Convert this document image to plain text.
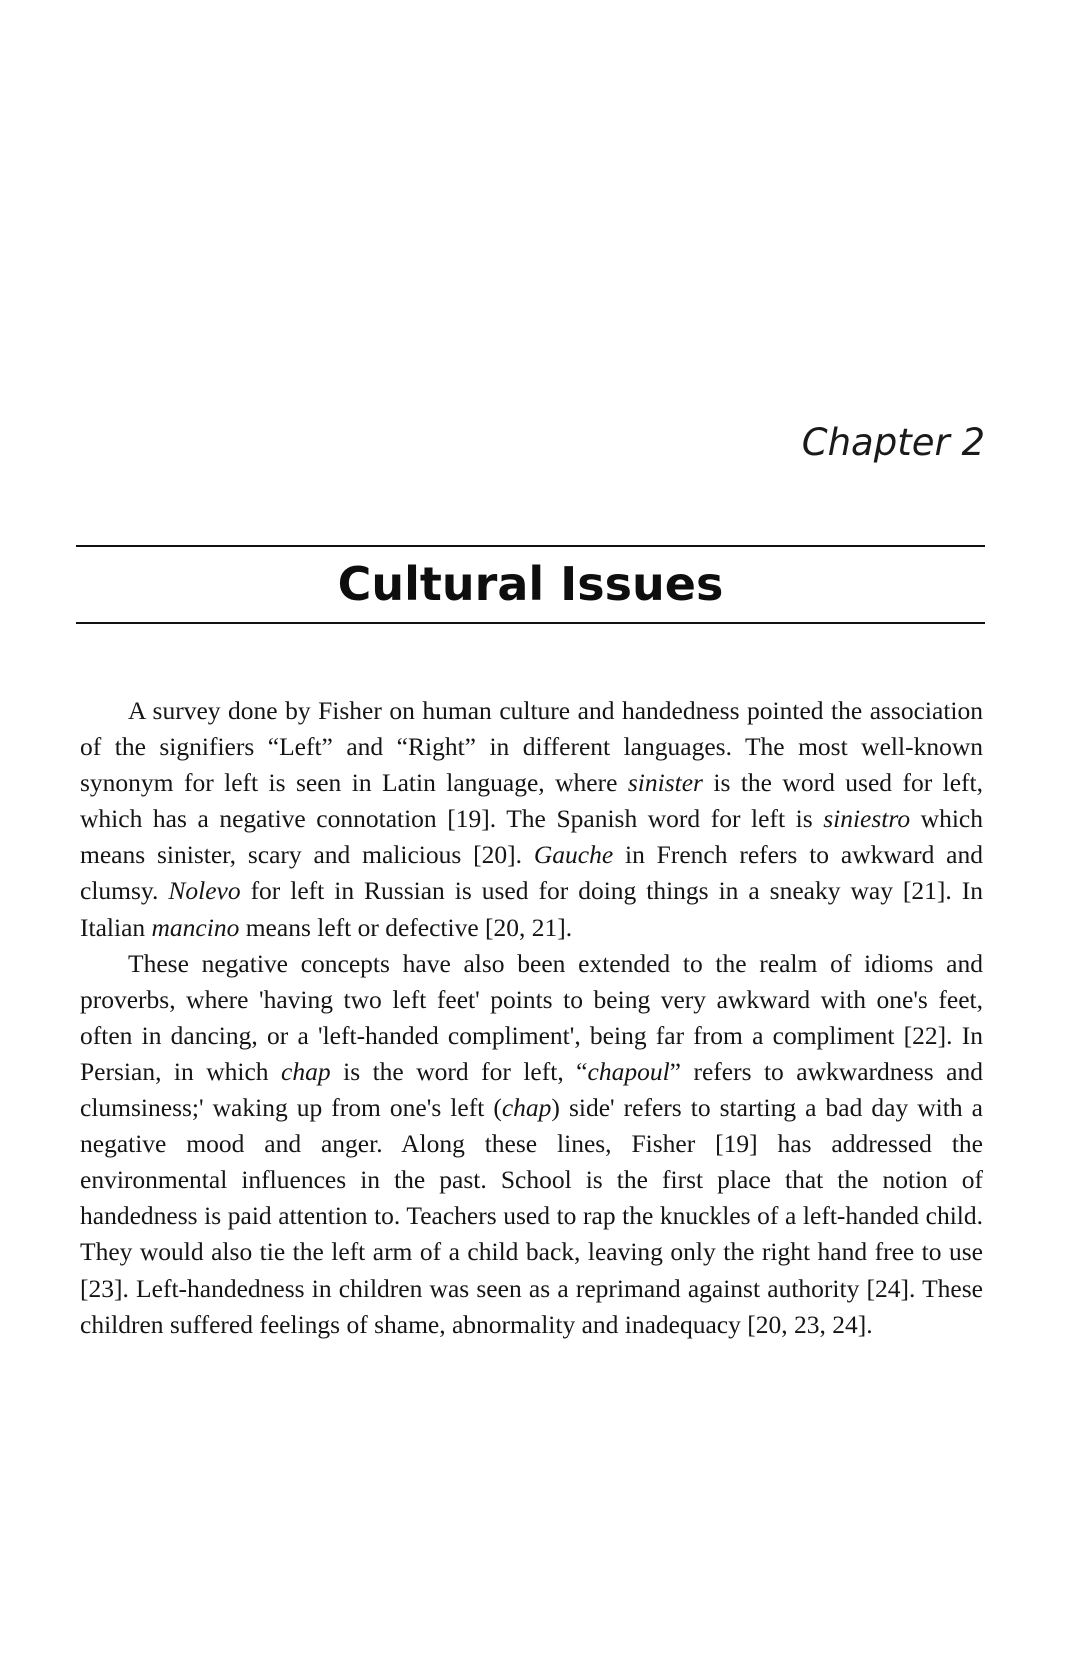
Chapter 2
Cultural Issues

A survey done by Fisher on human culture and handedness pointed the association of the signifiers “Left” and “Right” in different languages. The most well-known synonym for left is seen in Latin language, where sinister is the word used for left, which has a negative connotation [19]. The Spanish word for left is siniestro which means sinister, scary and malicious [20]. Gauche in French refers to awkward and clumsy. Nolevo for left in Russian is used for doing things in a sneaky way [21]. In Italian mancino means left or defective [20, 21].

These negative concepts have also been extended to the realm of idioms and proverbs, where 'having two left feet' points to being very awkward with one's feet, often in dancing, or a 'left-handed compliment', being far from a compliment [22]. In Persian, in which chap is the word for left, “chapoul” refers to awkwardness and clumsiness;' waking up from one's left (chap) side' refers to starting a bad day with a negative mood and anger. Along these lines, Fisher [19] has addressed the environmental influences in the past. School is the first place that the notion of handedness is paid attention to. Teachers used to rap the knuckles of a left-handed child. They would also tie the left arm of a child back, leaving only the right hand free to use [23]. Left-handedness in children was seen as a reprimand against authority [24]. These children suffered feelings of shame, abnormality and inadequacy [20, 23, 24].
